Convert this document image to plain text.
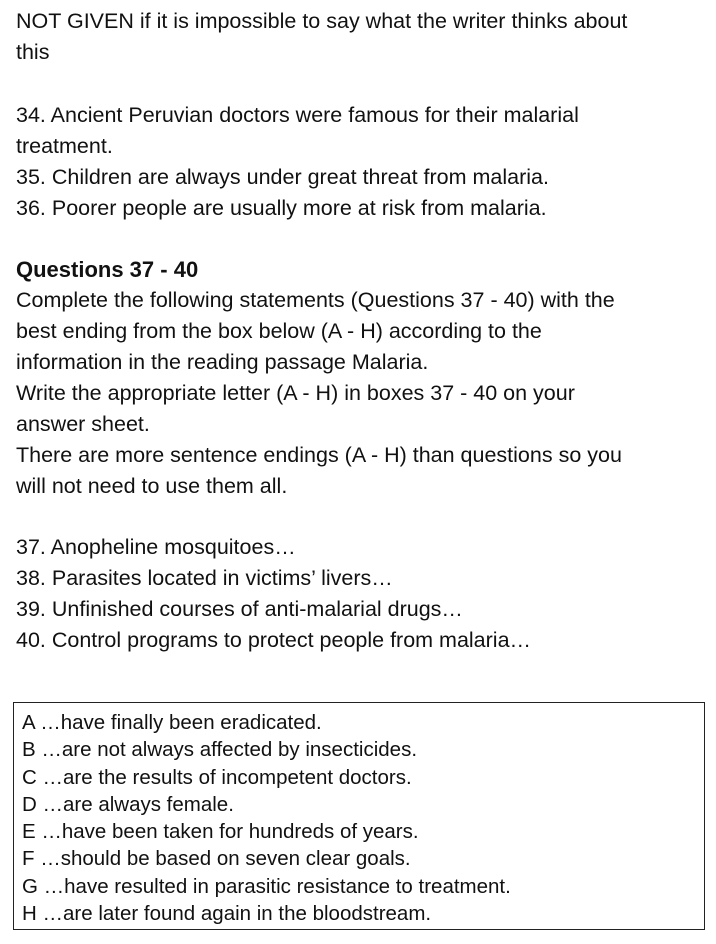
NOT GIVEN if it is impossible to say what the writer thinks about
this
34. Ancient Peruvian doctors were famous for their malarial
treatment.
35. Children are always under great threat from malaria.
36. Poorer people are usually more at risk from malaria.
Questions 37 - 40
Complete the following statements (Questions 37 - 40) with the
best ending from the box below (A - H) according to the
information in the reading passage Malaria.
Write the appropriate letter (A - H) in boxes 37 - 40 on your
answer sheet.
There are more sentence endings (A - H) than questions so you
will not need to use them all.
37. Anopheline mosquitoes…
38. Parasites located in victims’ livers…
39. Unfinished courses of anti-malarial drugs…
40. Control programs to protect people from malaria…
A …have finally been eradicated.
B …are not always affected by insecticides.
C …are the results of incompetent doctors.
D …are always female.
E …have been taken for hundreds of years.
F …should be based on seven clear goals.
G …have resulted in parasitic resistance to treatment.
H …are later found again in the bloodstream.
